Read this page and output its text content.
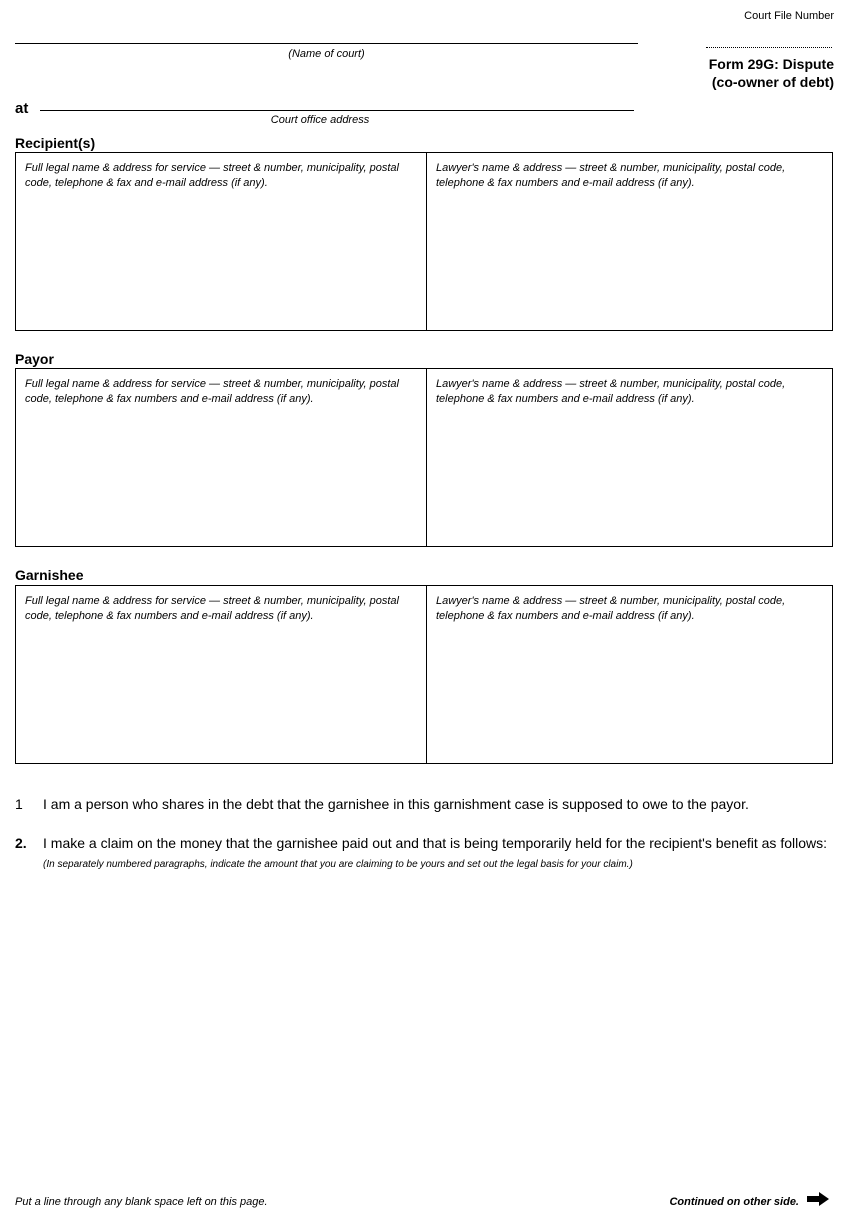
Court File Number
(Name of court)
Form 29G: Dispute
(co-owner of debt)
at
Court office address
Recipient(s)
Full legal name & address for service — street & number, municipality, postal code, telephone & fax and e-mail address (if any).
Lawyer's name & address — street & number, municipality, postal code, telephone & fax numbers and e-mail address (if any).
Payor
Full legal name & address for service — street & number, municipality, postal code, telephone & fax numbers and e-mail address (if any).
Lawyer's name & address — street & number, municipality, postal code, telephone & fax numbers and e-mail address (if any).
Garnishee
Full legal name & address for service — street & number, municipality, postal code, telephone & fax numbers and e-mail address (if any).
Lawyer's name & address — street & number, municipality, postal code, telephone & fax numbers and e-mail address (if any).
1	I am a person who shares in the debt that the garnishee in this garnishment case is supposed to owe to the payor.
2.	I make a claim on the money that the garnishee paid out and that is being temporarily held for the recipient's benefit as follows: (In separately numbered paragraphs, indicate the amount that you are claiming to be yours and set out the legal basis for your claim.)
Put a line through any blank space left on this page.	Continued on other side.
